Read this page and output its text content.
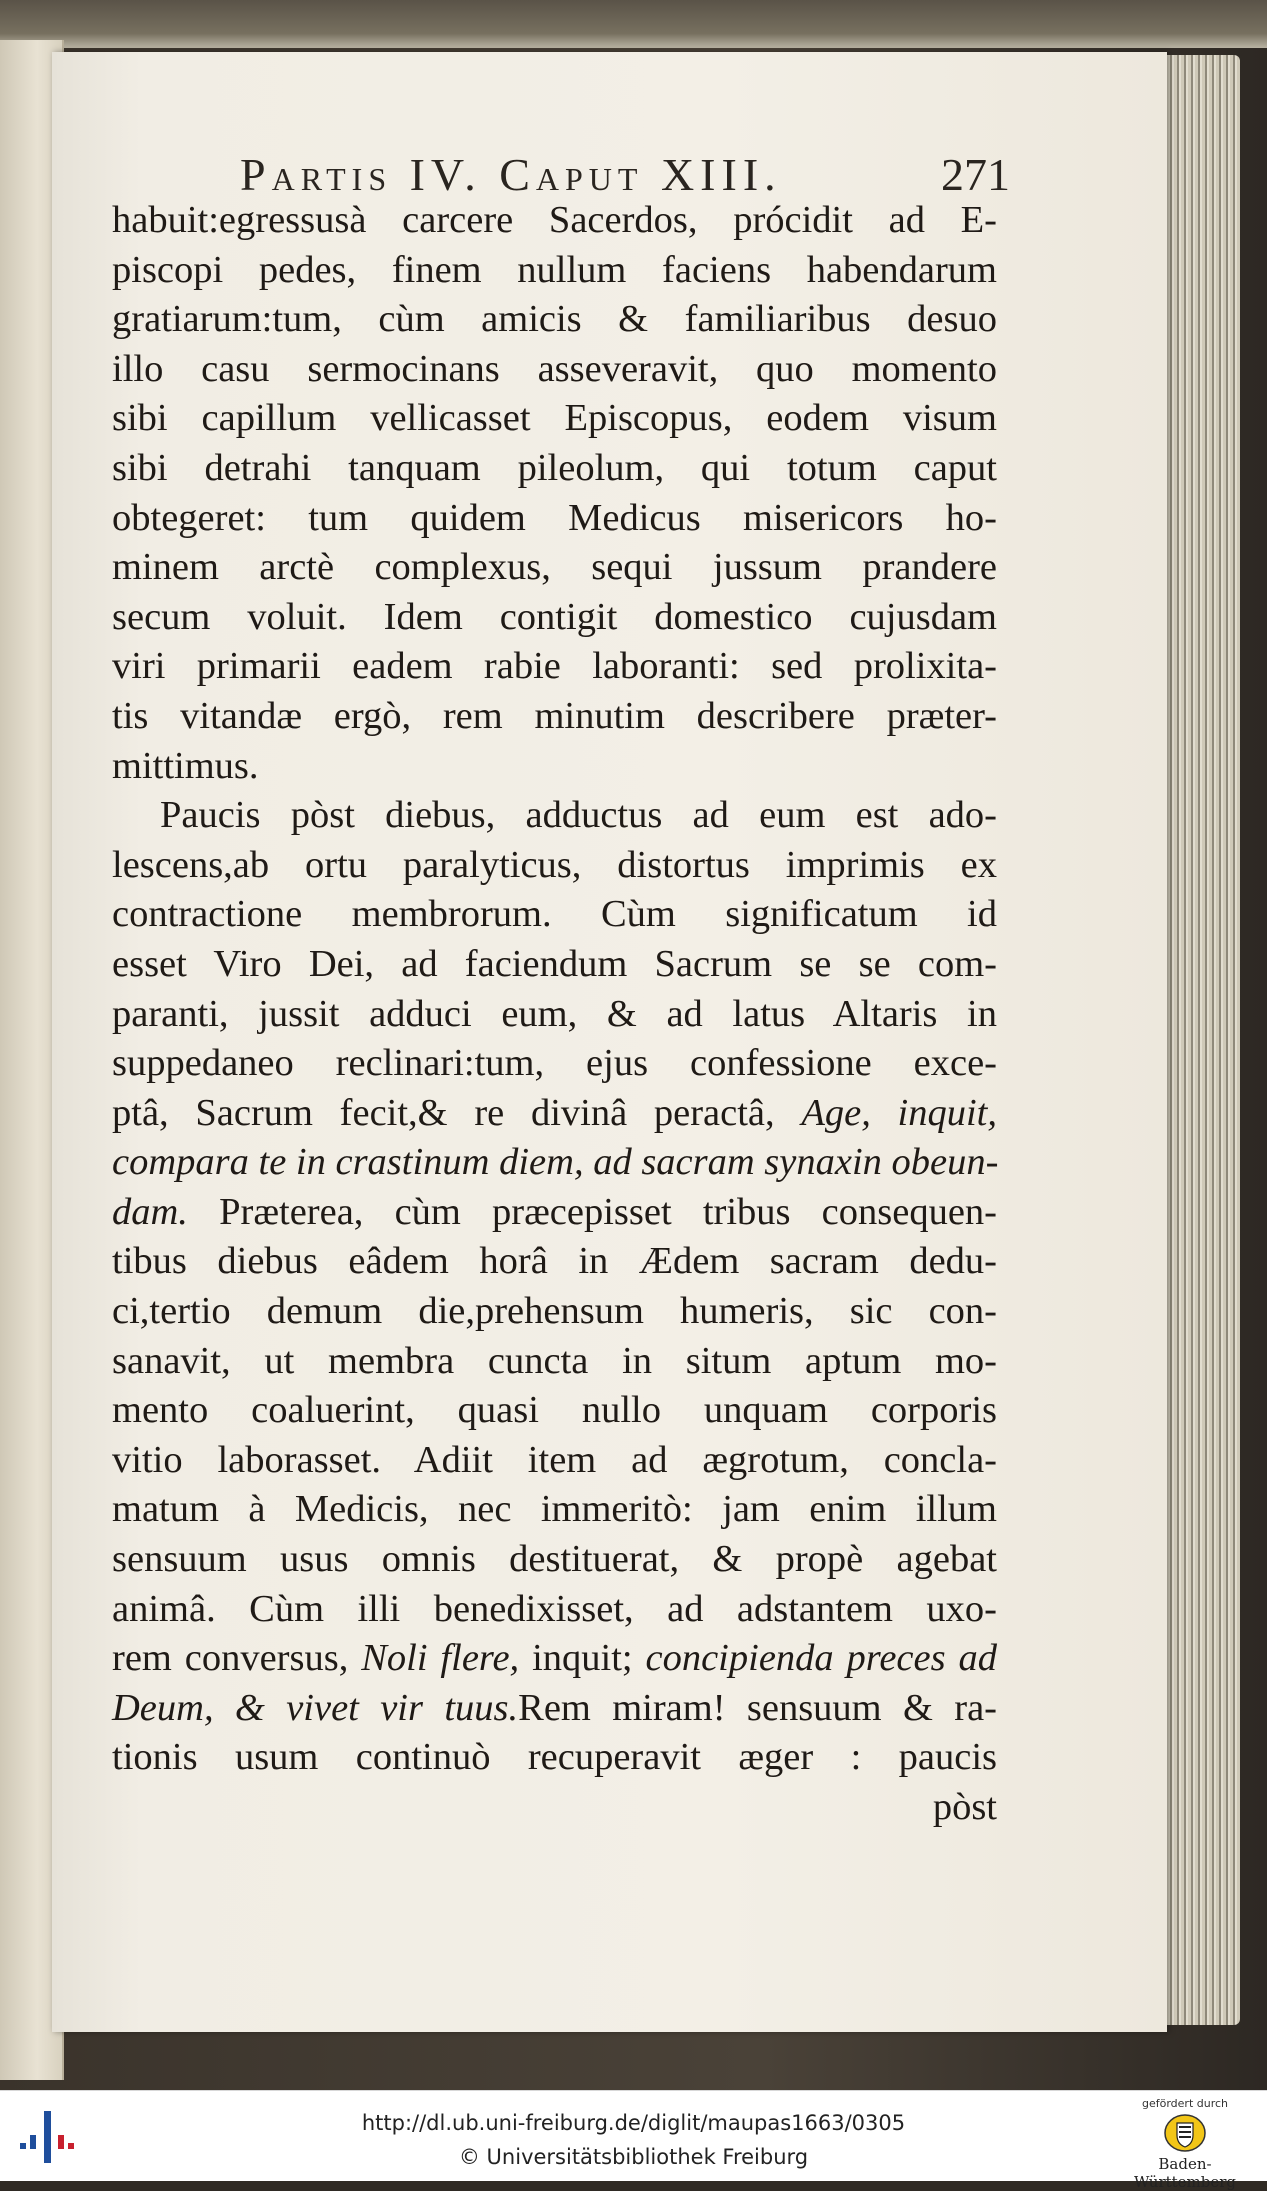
Partis IV. Caput XIII.	271
habuit:egressusà carcere Sacerdos, prócidit ad E-
piscopi pedes, finem nullum faciens habendarum
gratiarum:tum, cùm amicis & familiaribus desuo
illo casu sermocinans asseveravit, quo momento
sibi capillum vellicasset Episcopus, eodem visum
sibi detrahi tanquam pileolum, qui totum caput
obtegeret: tum quidem Medicus misericors ho-
minem arctè complexus, sequi jussum prandere
secum voluit. Idem contigit domestico cujusdam
viri primarii eadem rabie laboranti: sed prolixita-
tis vitandæ ergò, rem minutim describere præter-
mittimus.
Paucis pòst diebus, adductus ad eum est ado-
lescens,ab ortu paralyticus, distortus imprimis ex
contractione membrorum. Cùm significatum id
esset Viro Dei, ad faciendum Sacrum se se com-
paranti, jussit adduci eum, & ad latus Altaris in
suppedaneo reclinari:tum, ejus confessione exce-
ptâ, Sacrum fecit,& re divinâ peractâ, Age, inquit,
compara te in crastinum diem, ad sacram synaxin obeun-
dam. Præterea, cùm præcepisset tribus consequen-
tibus diebus eâdem horâ in Ædem sacram dedu-
ci,tertio demum die,prehensum humeris, sic con-
sanavit, ut membra cuncta in situm aptum mo-
mento coaluerint, quasi nullo unquam corporis
vitio laborasset. Adiit item ad ægrotum, concla-
matum à Medicis, nec immeritò: jam enim illum
sensuum usus omnis destituerat, & propè agebat
animâ. Cùm illi benedixisset, ad adstantem uxo-
rem conversus, Noli flere, inquit; concipienda preces ad
Deum, & vivet vir tuus.Rem miram! sensuum & ra-
tionis usum continuò recuperavit æger : paucis
pòst
http://dl.ub.uni-freiburg.de/diglit/maupas1663/0305
© Universitätsbibliothek Freiburg
gefördert durch
Baden-Württemberg
